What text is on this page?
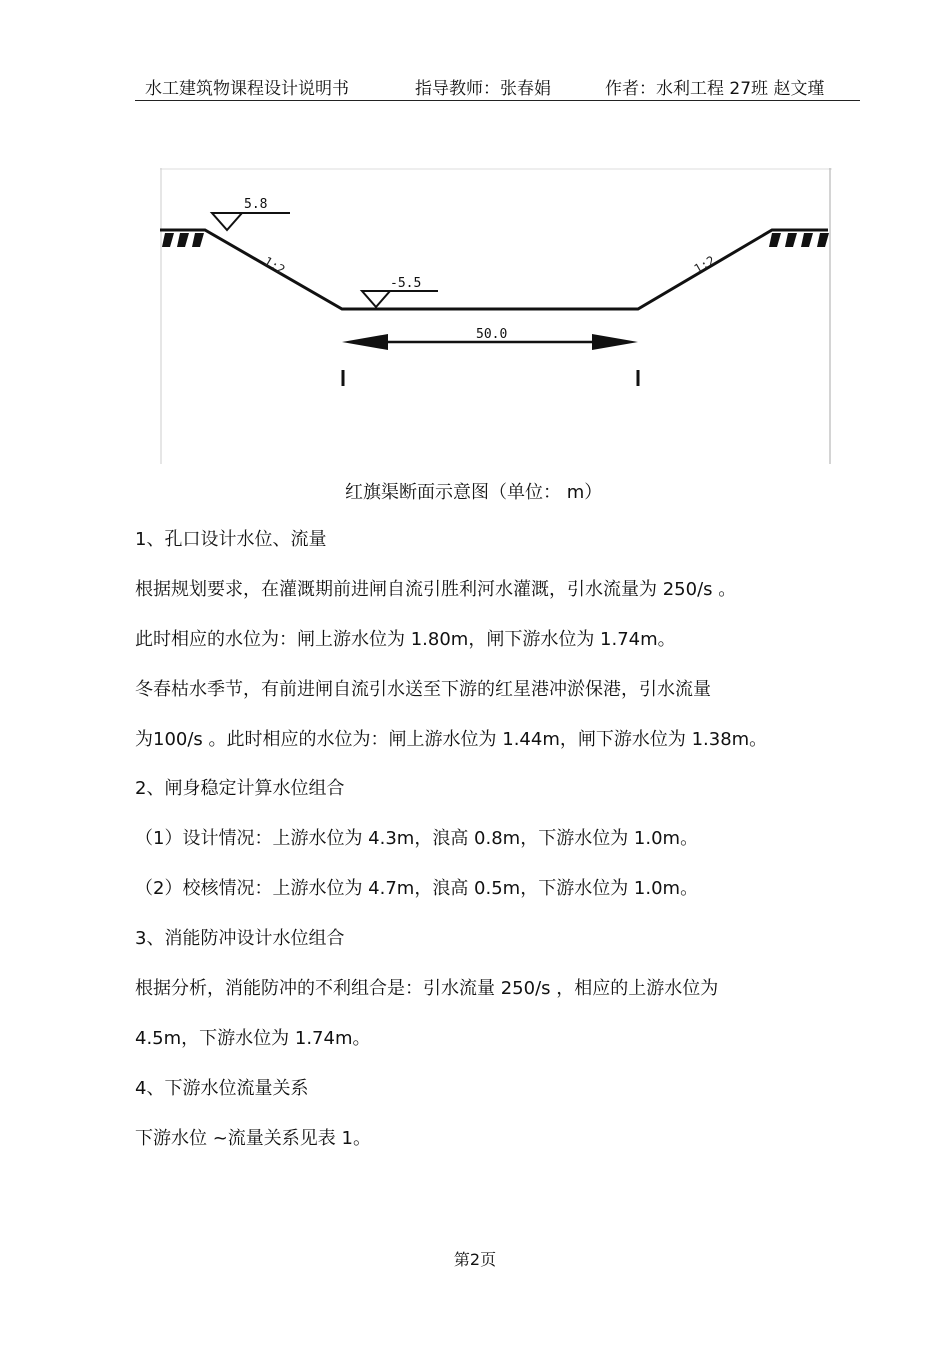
水工建筑物课程设计说明书	指导教师：张春娟	作者：水利工程 27班 赵文瑾
5.8
-5.5
1:2	1:2
50.0
红旗渠断面示意图（单位： m）
1、孔口设计水位、流量
根据规划要求，在灌溉期前进闸自流引胜利河水灌溉，引水流量为 250/s 。
此时相应的水位为：闸上游水位为 1.80m，闸下游水位为 1.74m。
冬春枯水季节，有前进闸自流引水送至下游的红星港冲淤保港，引水流量
为100/s 。此时相应的水位为：闸上游水位为 1.44m，闸下游水位为 1.38m。
2、闸身稳定计算水位组合
（1）设计情况：上游水位为 4.3m，浪高 0.8m，下游水位为 1.0m。
（2）校核情况：上游水位为 4.7m，浪高 0.5m，下游水位为 1.0m。
3、消能防冲设计水位组合
根据分析，消能防冲的不利组合是：引水流量 250/s ，相应的上游水位为
4.5m，下游水位为 1.74m。
4、下游水位流量关系
下游水位 ~流量关系见表 1。
第2页
